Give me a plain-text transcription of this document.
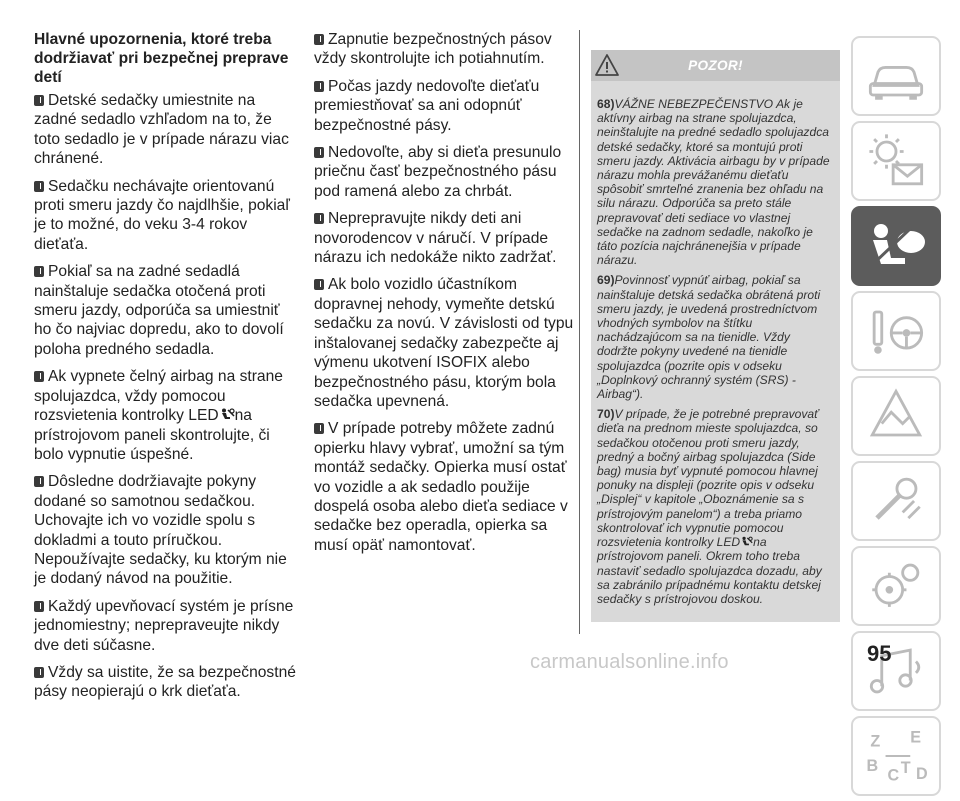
Hlavné upozornenia, ktoré treba dodržiavať pri bezpečnej preprave detí
Detské sedačky umiestnite na zadné sedadlo vzhľadom na to, že toto sedadlo je v prípade nárazu viac chránené.
Sedačku nechávajte orientovanú proti smeru jazdy čo najdlhšie, pokiaľ je to možné, do veku 3-4 rokov dieťaťa.
Pokiaľ sa na zadné sedadlá nainštaluje sedačka otočená proti smeru jazdy, odporúča sa umiestniť ho čo najviac dopredu, ako to dovolí poloha predného sedadla.
Ak vypnete čelný airbag na strane spolujazdca, vždy pomocou rozsvietenia kontrolky LED na prístrojovom paneli skontrolujte, či bolo vypnutie úspešné.
Dôsledne dodržiavajte pokyny dodané so samotnou sedačkou. Uchovajte ich vo vozidle spolu s dokladmi a touto príručkou. Nepoužívajte sedačky, ku ktorým nie je dodaný návod na použitie.
Každý upevňovací systém je prísne jednomiestny; neprepraveujte nikdy dve deti súčasne.
Vždy sa uistite, že sa bezpečnostné pásy neopierajú o krk dieťaťa.
Zapnutie bezpečnostných pásov vždy skontrolujte ich potiahnutím.
Počas jazdy nedovoľte dieťaťu premiestňovať sa ani odopnúť bezpečnostné pásy.
Nedovoľte, aby si dieťa presunulo priečnu časť bezpečnostného pásu pod ramená alebo za chrbát.
Neprepravujte nikdy deti ani novorodencov v náručí. V prípade nárazu ich nedokáže nikto zadržať.
Ak bolo vozidlo účastníkom dopravnej nehody, vymeňte detskú sedačku za novú. V závislosti od typu inštalovanej sedačky zabezpečte aj výmenu ukotvení ISOFIX alebo bezpečnostného pásu, ktorým bola sedačka upevnená.
V prípade potreby môžete zadnú opierku hlavy vybrať, umožní sa tým montáž sedačky. Opierka musí ostať vo vozidle a ak sedadlo použije dospelá osoba alebo dieťa sediace v sedačke bez operadla, opierka sa musí opäť namontovať.
POZOR!
68)VÁŽNE NEBEZPEČENSTVO Ak je aktívny airbag na strane spolujazdca, neinštalujte na predné sedadlo spolujazdca detské sedačky, ktoré sa montujú proti smeru jazdy. Aktivácia airbagu by v prípade nárazu mohla prevážanému dieťaťu spôsobiť smrteľné zranenia bez ohľadu na silu nárazu. Odporúča sa preto stále prepravovať deti sediace vo vlastnej sedačke na zadnom sedadle, nakoľko je táto pozícia najchránenejšia v prípade nárazu.
69)Povinnosť vypnúť airbag, pokiaľ sa nainštaluje detská sedačka obrátená proti smeru jazdy, je uvedená prostredníctvom vhodných symbolov na štítku nachádzajúcom sa na tienidle. Vždy dodržte pokyny uvedené na tienidle spolujazdca (pozrite opis v odseku „Doplnkový ochranný systém (SRS) - Airbag“).
70)V prípade, že je potrebné prepravovať dieťa na prednom mieste spolujazdca, so sedačkou otočenou proti smeru jazdy, predný a bočný airbag spolujazdca (Side bag) musia byť vypnuté pomocou hlavnej ponuky na displeji (pozrite opis v odseku „Displej“ v kapitole „Oboznámenie sa s prístrojovým panelom“) a treba priamo skontrolovať ich vypnutie pomocou rozsvietenia kontrolky LED na prístrojovom paneli. Okrem toho treba nastaviť sedadlo spolujazdca dozadu, aby sa zabránilo prípadnému kontaktu detskej sedačky s prístrojovou doskou.
Z E
B
C T D
95
carmanualsonline.info
